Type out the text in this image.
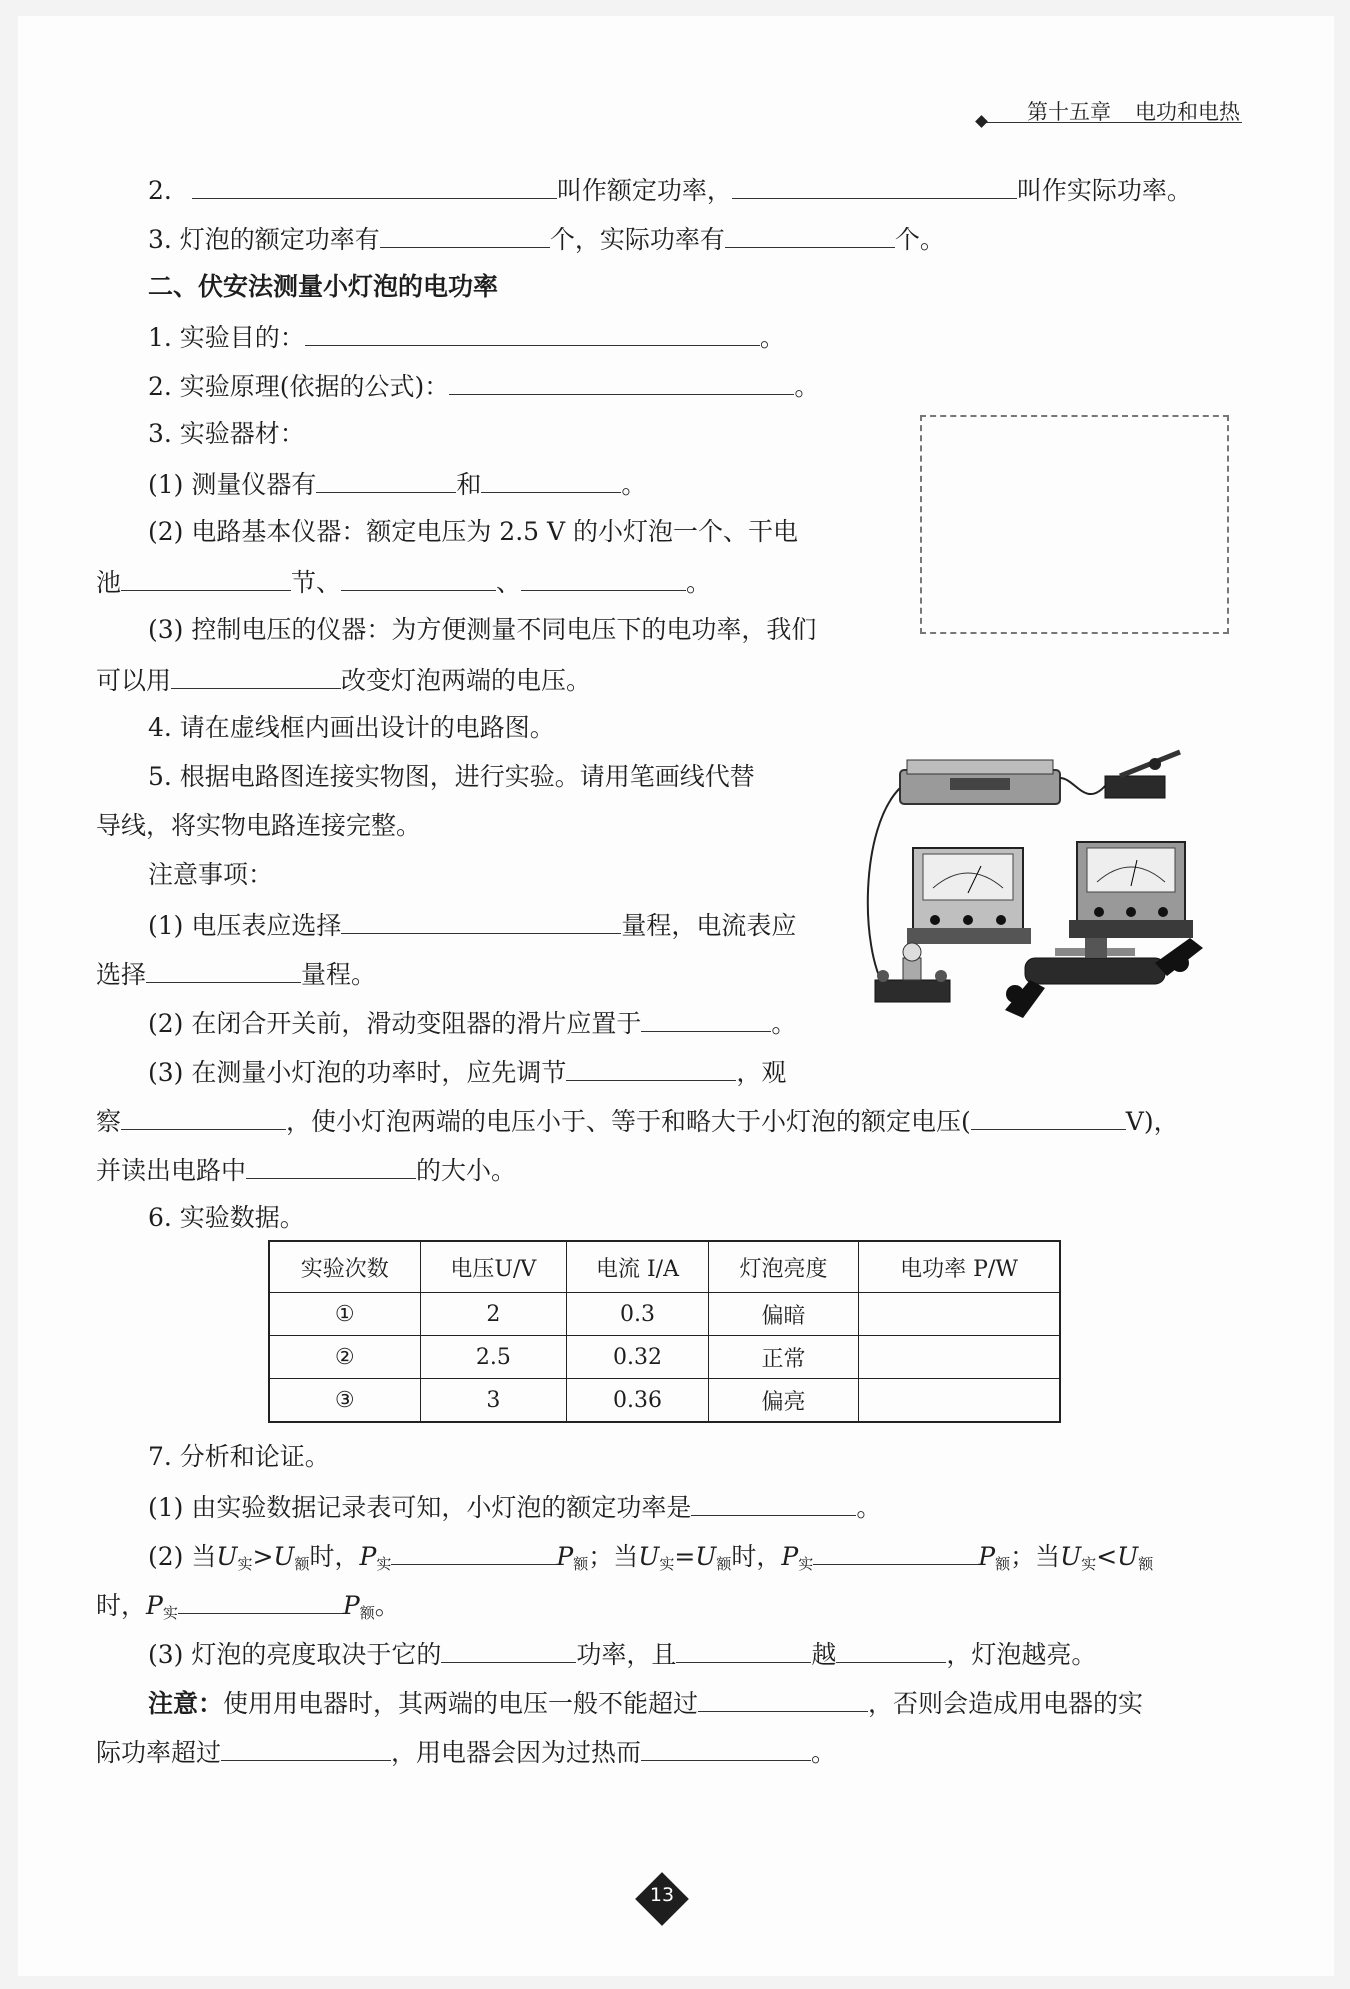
第十五章 电功和电热
2.	叫作额定功率，	叫作实际功率。
3. 灯泡的额定功率有	个，实际功率有	个。
二、伏安法测量小灯泡的电功率
1. 实验目的：	。
2. 实验原理(依据的公式)：	。
3. 实验器材：
(1) 测量仪器有	和	。
(2) 电路基本仪器：额定电压为 2.5 V 的小灯泡一个、干电
池	节、	、	。
(3) 控制电压的仪器：为方便测量不同电压下的电功率，我们
可以用	改变灯泡两端的电压。
4. 请在虚线框内画出设计的电路图。
5. 根据电路图连接实物图，进行实验。请用笔画线代替
导线，将实物电路连接完整。
注意事项：
(1) 电压表应选择	量程，电流表应
选择	量程。
(2) 在闭合开关前，滑动变阻器的滑片应置于	。
(3) 在测量小灯泡的功率时，应先调节	，观
察	，使小灯泡两端的电压小于、等于和略大于小灯泡的额定电压(	V)，
并读出电路中	的大小。
6. 实验数据。
实验次数	电压U/V	电流 I/A	灯泡亮度	电功率 P/W
①	2	0.3	偏暗	
②	2.5	0.32	正常	
③	3	0.36	偏亮	
7. 分析和论证。
(1) 由实验数据记录表可知，小灯泡的额定功率是	。
(2) 当$U_实>U_额$时，$P_实$	$P_额$；当$U_实=U_额$时，$P_实$	$P_额$；当$U_实<U_额$
时，$P_实$	$P_额$。
(3) 灯泡的亮度取决于它的	功率，且	越	，灯泡越亮。
注意：使用用电器时，其两端的电压一般不能超过	，否则会造成用电器的实
际功率超过	，用电器会因为过热而	。
13
